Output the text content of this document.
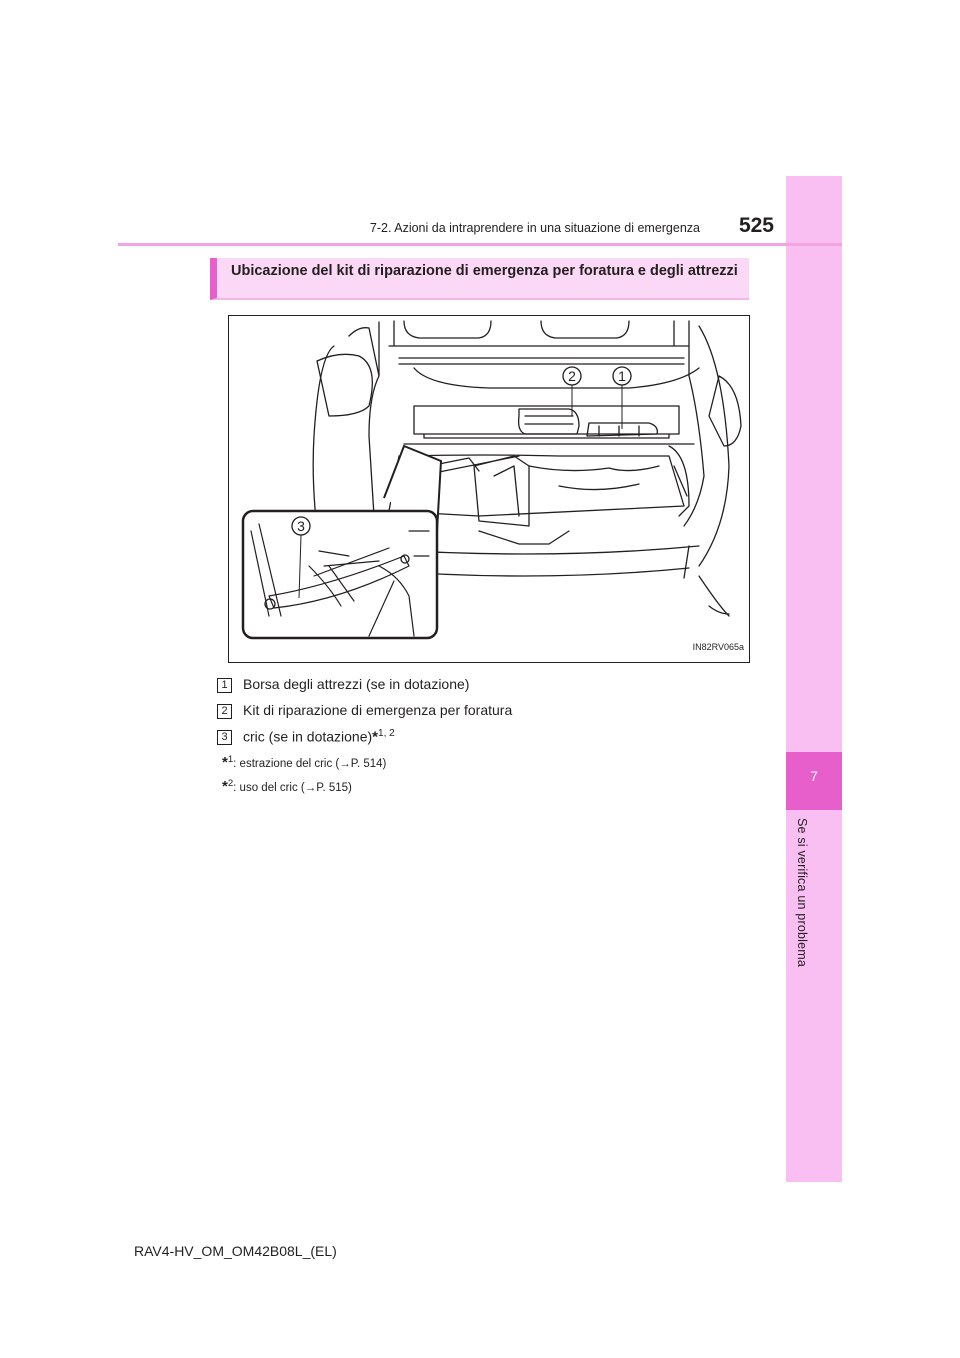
7
Se si verifica un problema
7-2. Azioni da intraprendere in una situazione di emergenza	525
Ubicazione del kit di riparazione di emergenza per foratura e degli attrezzi
2	1
3
IN82RV065a
1	Borsa degli attrezzi (se in dotazione)
2	Kit di riparazione di emergenza per foratura
3	cric (se in dotazione)*$^{1, 2}$
*$^1$: estrazione del cric (→P. 514)
*$^2$: uso del cric (→P. 515)
RAV4-HV_OM_OM42B08L_(EL)
